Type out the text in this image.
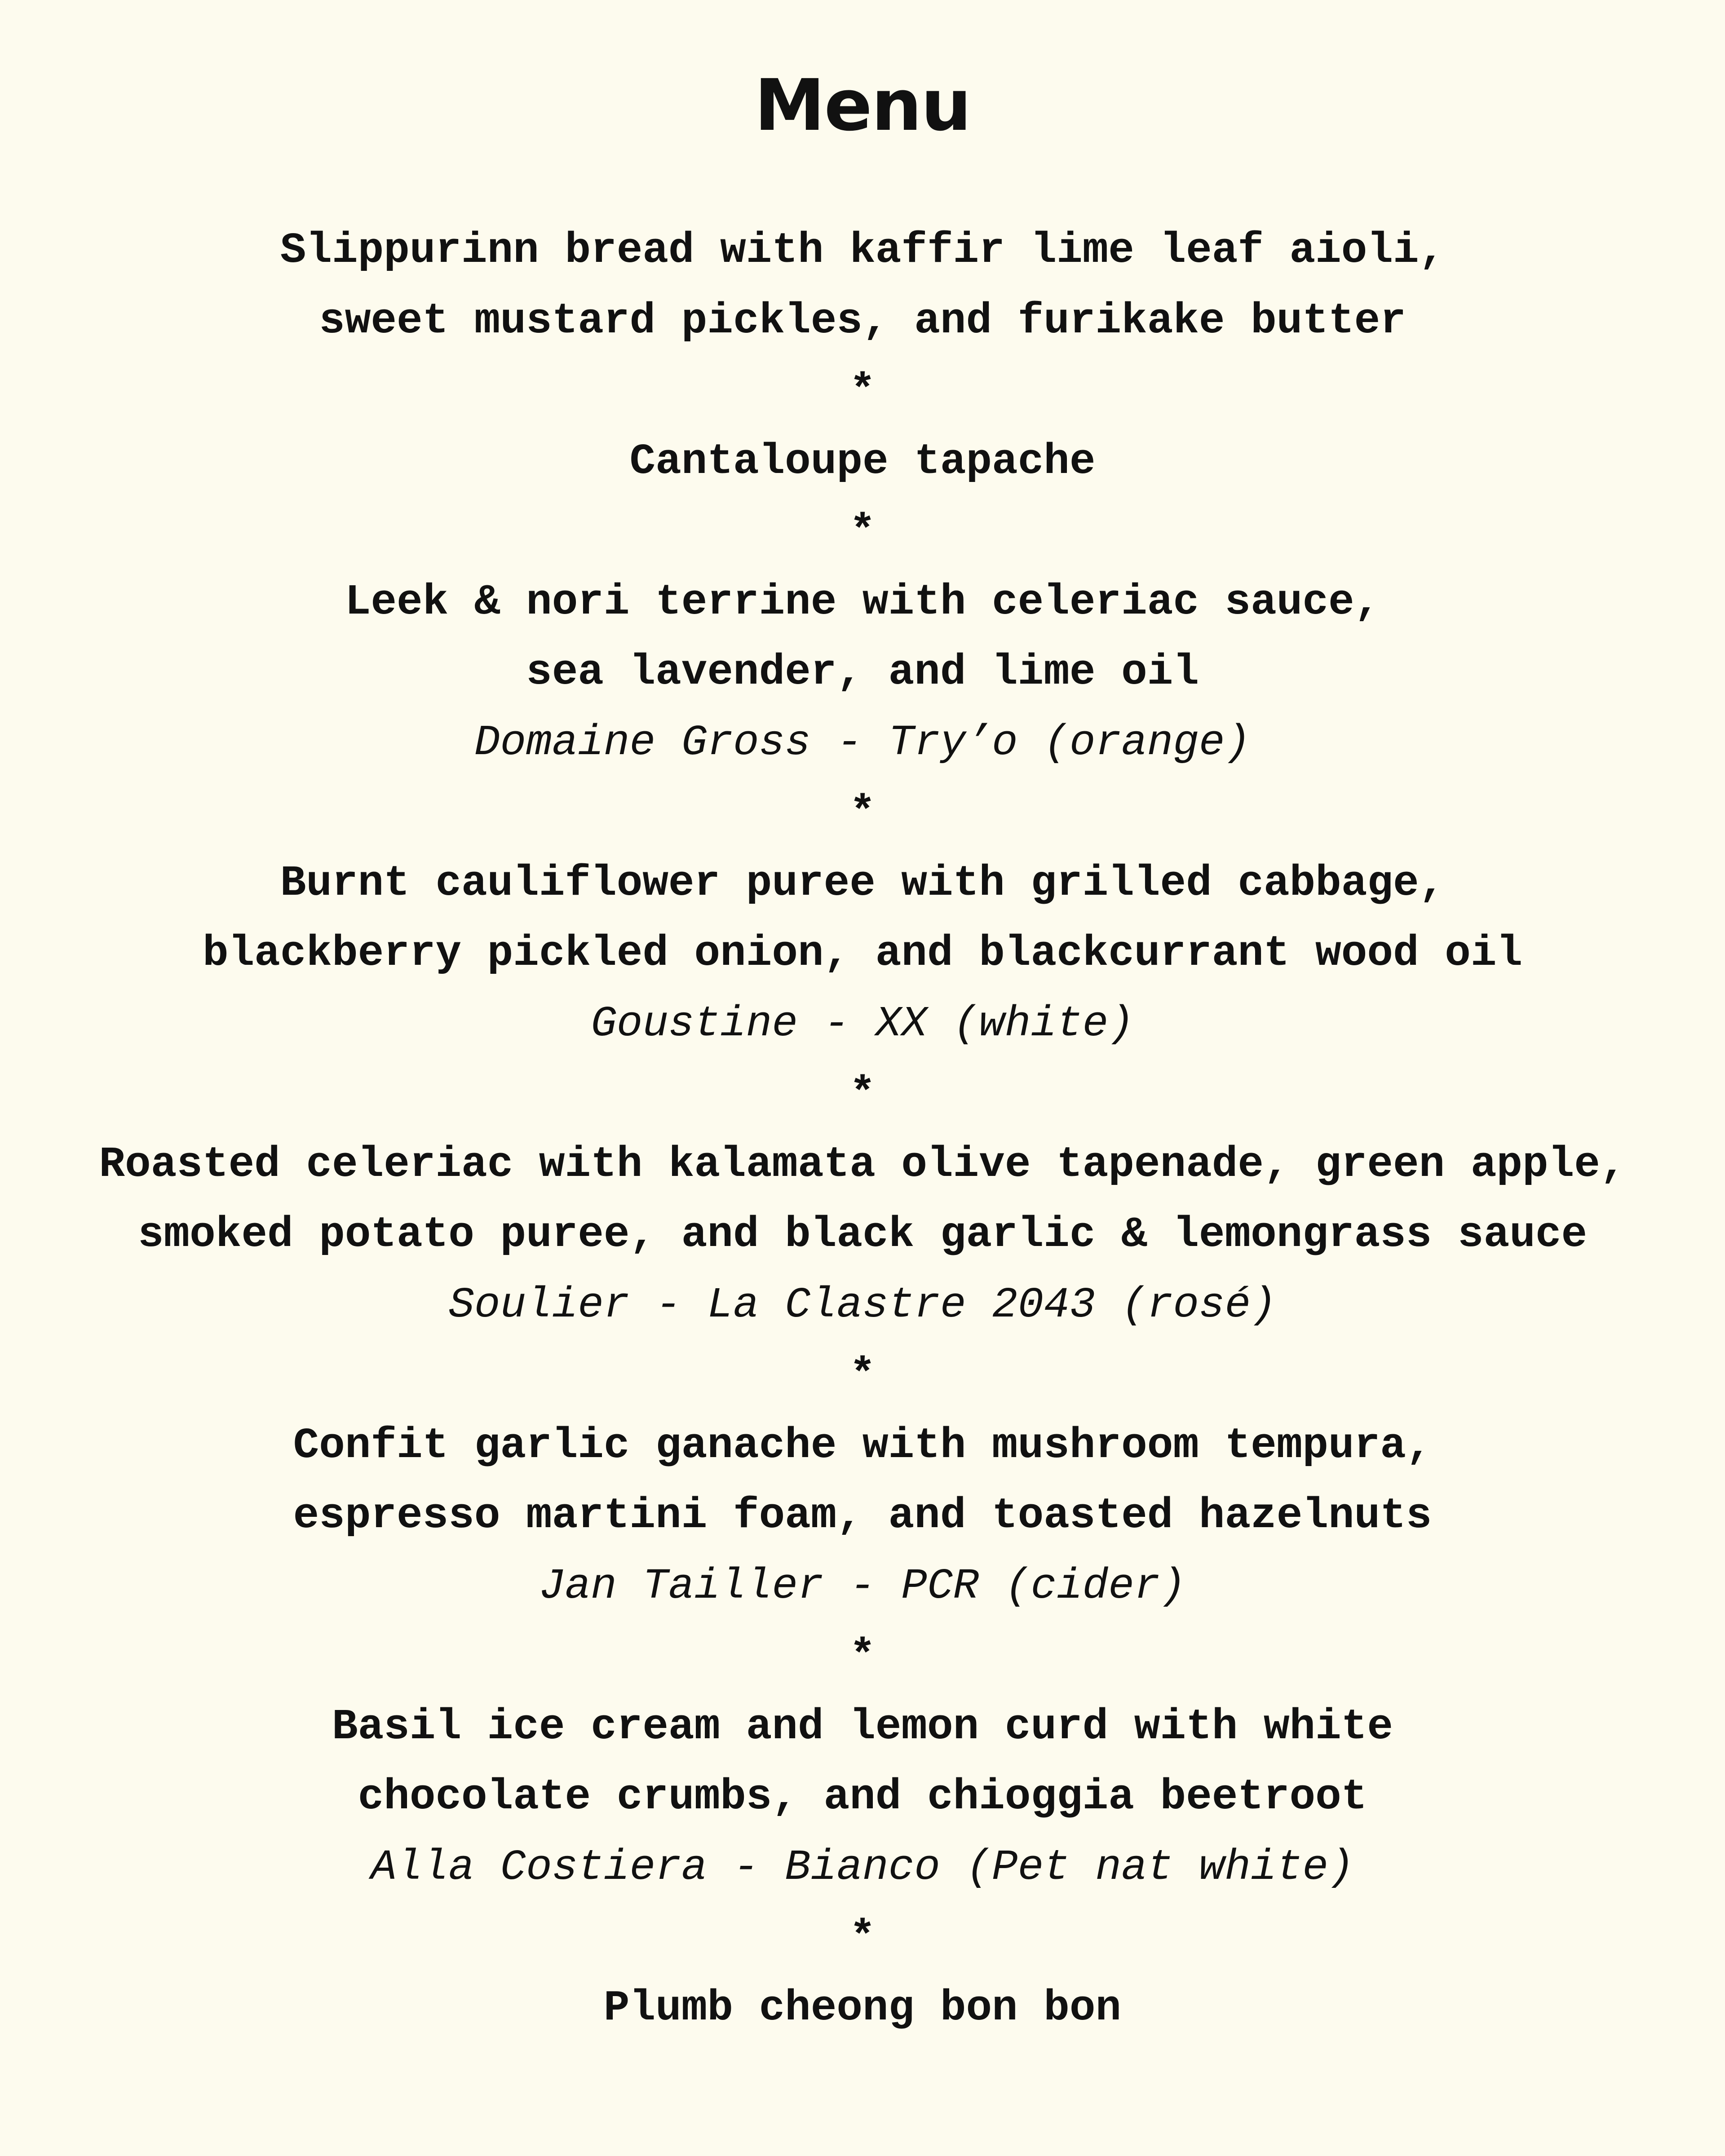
Menu
Slippurinn bread with kaffir lime leaf aioli,
sweet mustard pickles, and furikake butter
*
Cantaloupe tapache
*
Leek & nori terrine with celeriac sauce,
sea lavender, and lime oil
Domaine Gross - Try’o (orange)
*
Burnt cauliflower puree with grilled cabbage,
blackberry pickled onion, and blackcurrant wood oil
Goustine - XX (white)
*
Roasted celeriac with kalamata olive tapenade, green apple,
smoked potato puree, and black garlic & lemongrass sauce
Soulier - La Clastre 2043 (rosé)
*
Confit garlic ganache with mushroom tempura,
espresso martini foam, and toasted hazelnuts
Jan Tailler - PCR (cider)
*
Basil ice cream and lemon curd with white
chocolate crumbs, and chioggia beetroot
Alla Costiera - Bianco (Pet nat white)
*
Plumb cheong bon bon
